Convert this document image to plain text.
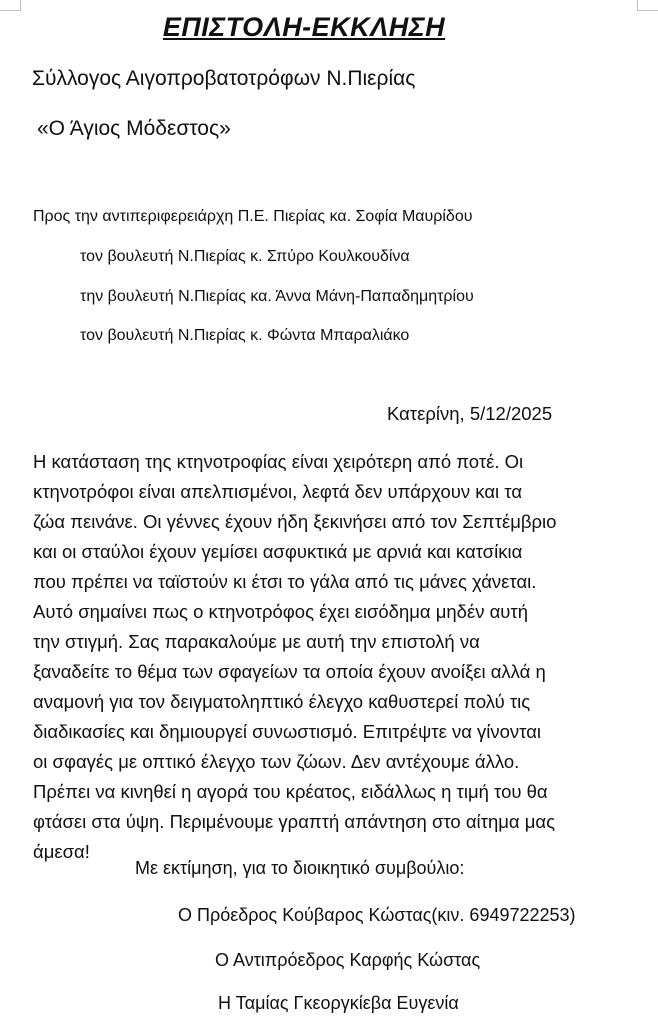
ΕΠΙΣΤΟΛΗ-ΕΚΚΛΗΣΗ
Σύλλογος Αιγοπροβατοτρόφων Ν.Πιερίας
«Ο Άγιος Μόδεστος»
Προς την αντιπεριφερειάρχη Π.Ε. Πιερίας κα. Σοφία Μαυρίδου
τον βουλευτή Ν.Πιερίας κ. Σπύρο Κουλκουδίνα
την βουλευτή Ν.Πιερίας κα. Άννα Μάνη-Παπαδημητρίου
τον βουλευτή Ν.Πιερίας κ. Φώντα Μπαραλιάκο
Κατερίνη, 5/12/2025
Η κατάσταση της κτηνοτροφίας είναι χειρότερη από ποτέ. Οι
κτηνοτρόφοι είναι απελπισμένοι, λεφτά δεν υπάρχουν και τα
ζώα πεινάνε. Οι γέννες έχουν ήδη ξεκινήσει από τον Σεπτέμβριο
και οι σταύλοι έχουν γεμίσει ασφυκτικά με αρνιά και κατσίκια
που πρέπει να ταϊστούν κι έτσι το γάλα από τις μάνες χάνεται.
Αυτό σημαίνει πως ο κτηνοτρόφος έχει εισόδημα μηδέν αυτή
την στιγμή. Σας παρακαλούμε με αυτή την επιστολή να
ξαναδείτε το θέμα των σφαγείων τα οποία έχουν ανοίξει αλλά η
αναμονή για τον δειγματοληπτικό έλεγχο καθυστερεί πολύ τις
διαδικασίες και δημιουργεί συνωστισμό. Επιτρέψτε να γίνονται
οι σφαγές με οπτικό έλεγχο των ζώων. Δεν αντέχουμε άλλο.
Πρέπει να κινηθεί η αγορά του κρέατος, ειδάλλως η τιμή του θα
φτάσει στα ύψη. Περιμένουμε γραπτή απάντηση στο αίτημα μας
άμεσα!
Με εκτίμηση, για το διοικητικό συμβούλιο:
Ο Πρόεδρος Κούβαρος Κώστας(κιν. 6949722253)
Ο Αντιπρόεδρος Καρφής Κώστας
Η Ταμίας Γκεοργκίεβα Ευγενία
